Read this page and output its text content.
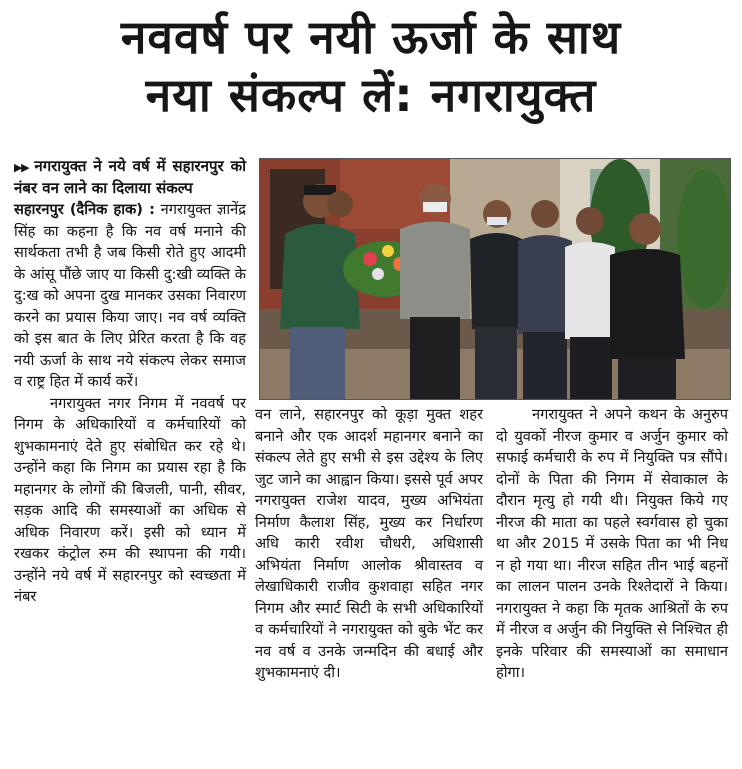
नववर्ष पर नयी ऊर्जा के साथ
नया संकल्प लें: नगरायुक्त
▶▶ नगरायुक्त ने नये वर्ष में सहारनपुर को नंबर वन लाने का दिलाया संकल्प

सहारनपुर (दैनिक हाक) : नगरायुक्त ज्ञानेंद्र सिंह का कहना है कि नव वर्ष मनाने की सार्थकता तभी है जब किसी रोते हुए आदमी के आंसू पौंछे जाए या किसी दु:खी व्यक्ति के दु:ख को अपना दुख मानकर उसका निवारण करने का प्रयास किया जाए। नव वर्ष व्यक्ति को इस बात के लिए प्रेरित करता है कि वह नयी ऊर्जा के साथ नये संकल्प लेकर समाज व राष्ट्र हित में कार्य करें।

नगरायुक्त नगर निगम में नववर्ष पर निगम के अधिकारियों व कर्मचारियों को शुभकामनाएं देते हुए संबोधित कर रहे थे। उन्होंने कहा कि निगम का प्रयास रहा है कि महानगर के लोगों की बिजली, पानी, सीवर, सड़क आदि की समस्याओं का अधिक से अधिक निवारण करें। इसी को ध्यान में रखकर कंट्रोल रुम की स्थापना की गयी। उन्होंने नये वर्ष में सहारनपुर को स्वच्छता में नंबर

वन लाने, सहारनपुर को कूड़ा मुक्त शहर बनाने और एक आदर्श महानगर बनाने का संकल्प लेते हुए सभी से इस उद्देश्य के लिए जुट जाने का आह्वान किया। इससे पूर्व अपर नगरायुक्त राजेश यादव, मुख्य अभियंता निर्माण कैलाश सिंह, मुख्य कर निर्धारण अधि कारी रवीश चौधरी, अधिशासी अभियंता निर्माण आलोक श्रीवास्तव व लेखाधिकारी राजीव कुशवाहा सहित नगर निगम और स्मार्ट सिटी के सभी अधिकारियों व कर्मचारियों ने नगरायुक्त को बुके भेंट कर नव वर्ष व उनके जन्मदिन की बधाई और शुभकामनाएं दी।

नगरायुक्त ने अपने कथन के अनुरुप दो युवकों नीरज कुमार व अर्जुन कुमार को सफाई कर्मचारी के रुप में नियुक्ति पत्र सौंपे। दोनों के पिता की निगम में सेवाकाल के दौरान मृत्यु हो गयी थी। नियुक्त किये गए नीरज की माता का पहले स्वर्गवास हो चुका था और 2015 में उसके पिता का भी निध न हो गया था। नीरज सहित तीन भाई बहनों का लालन पालन उनके रिश्तेदारों ने किया। नगरायुक्त ने कहा कि मृतक आश्रितों के रुप में नीरज व अर्जुन की नियुक्ति से निश्चित ही इनके परिवार की समस्याओं का समाधान होगा।
